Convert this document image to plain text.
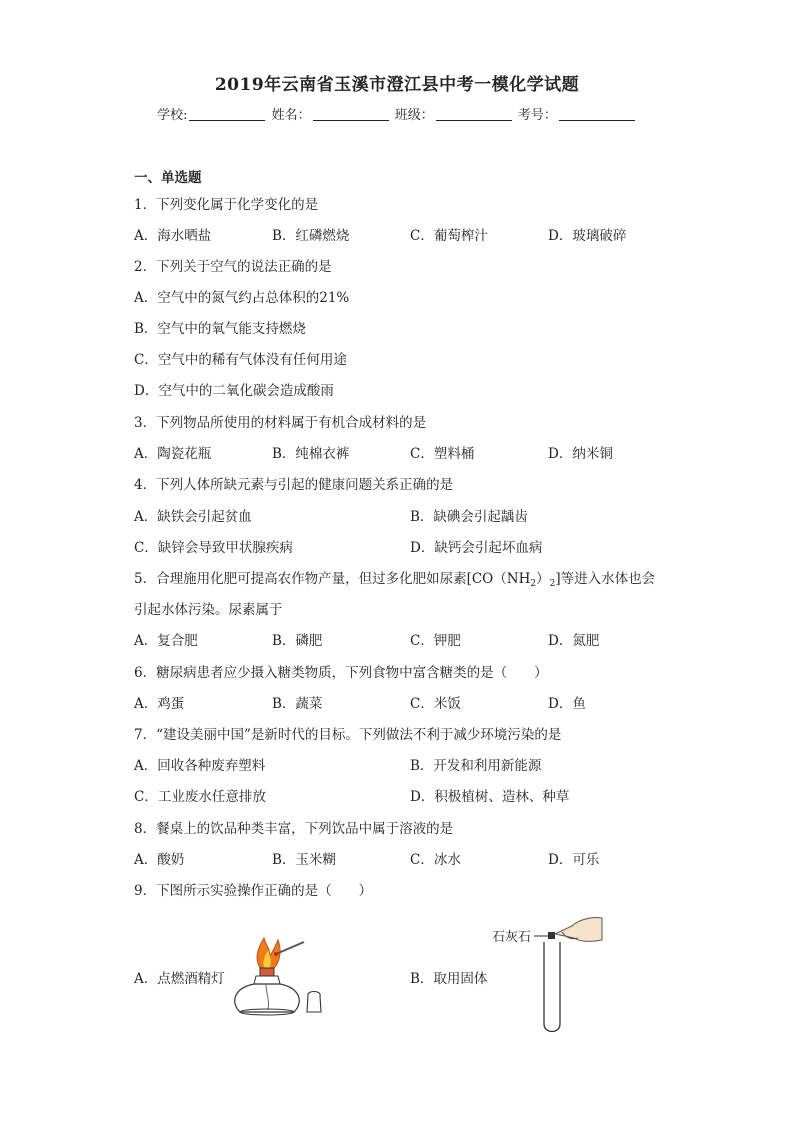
2019年云南省玉溪市澄江县中考一模化学试题
学校:	姓名：	班级：	考号：
一、单选题
1．下列变化属于化学变化的是
A．海水晒盐	B．红磷燃烧	C．葡萄榨汁	D．玻璃破碎
2．下列关于空气的说法正确的是
A．空气中的氮气约占总体积的21%
B．空气中的氧气能支持燃烧
C．空气中的稀有气体没有任何用途
D．空气中的二氧化碳会造成酸雨
3．下列物品所使用的材料属于有机合成材料的是
A．陶瓷花瓶	B．纯棉衣裤	C．塑料桶	D．纳米铜
4．下列人体所缺元素与引起的健康问题关系正确的是
A．缺铁会引起贫血	B．缺碘会引起龋齿
C．缺锌会导致甲状腺疾病	D．缺钙会引起坏血病
5．合理施用化肥可提高农作物产量，但过多化肥如尿素$[CO(NH_2)_2]$等进入水体也会
引起水体污染。尿素属于
A．复合肥	B．磷肥	C．钾肥	D．氮肥
6．糖尿病患者应少摄入糖类物质，下列食物中富含糖类的是（　　）
A．鸡蛋	B．蔬菜	C．米饭	D．鱼
7．“建设美丽中国”是新时代的目标。下列做法不利于减少环境污染的是
A．回收各种废弃塑料	B．开发和利用新能源
C．工业废水任意排放	D．积极植树、造林、种草
8．餐桌上的饮品种类丰富，下列饮品中属于溶液的是
A．酸奶	B．玉米糊	C．冰水	D．可乐
9．下图所示实验操作正确的是（　　）
A．点燃酒精灯	B．取用固体
石灰石
